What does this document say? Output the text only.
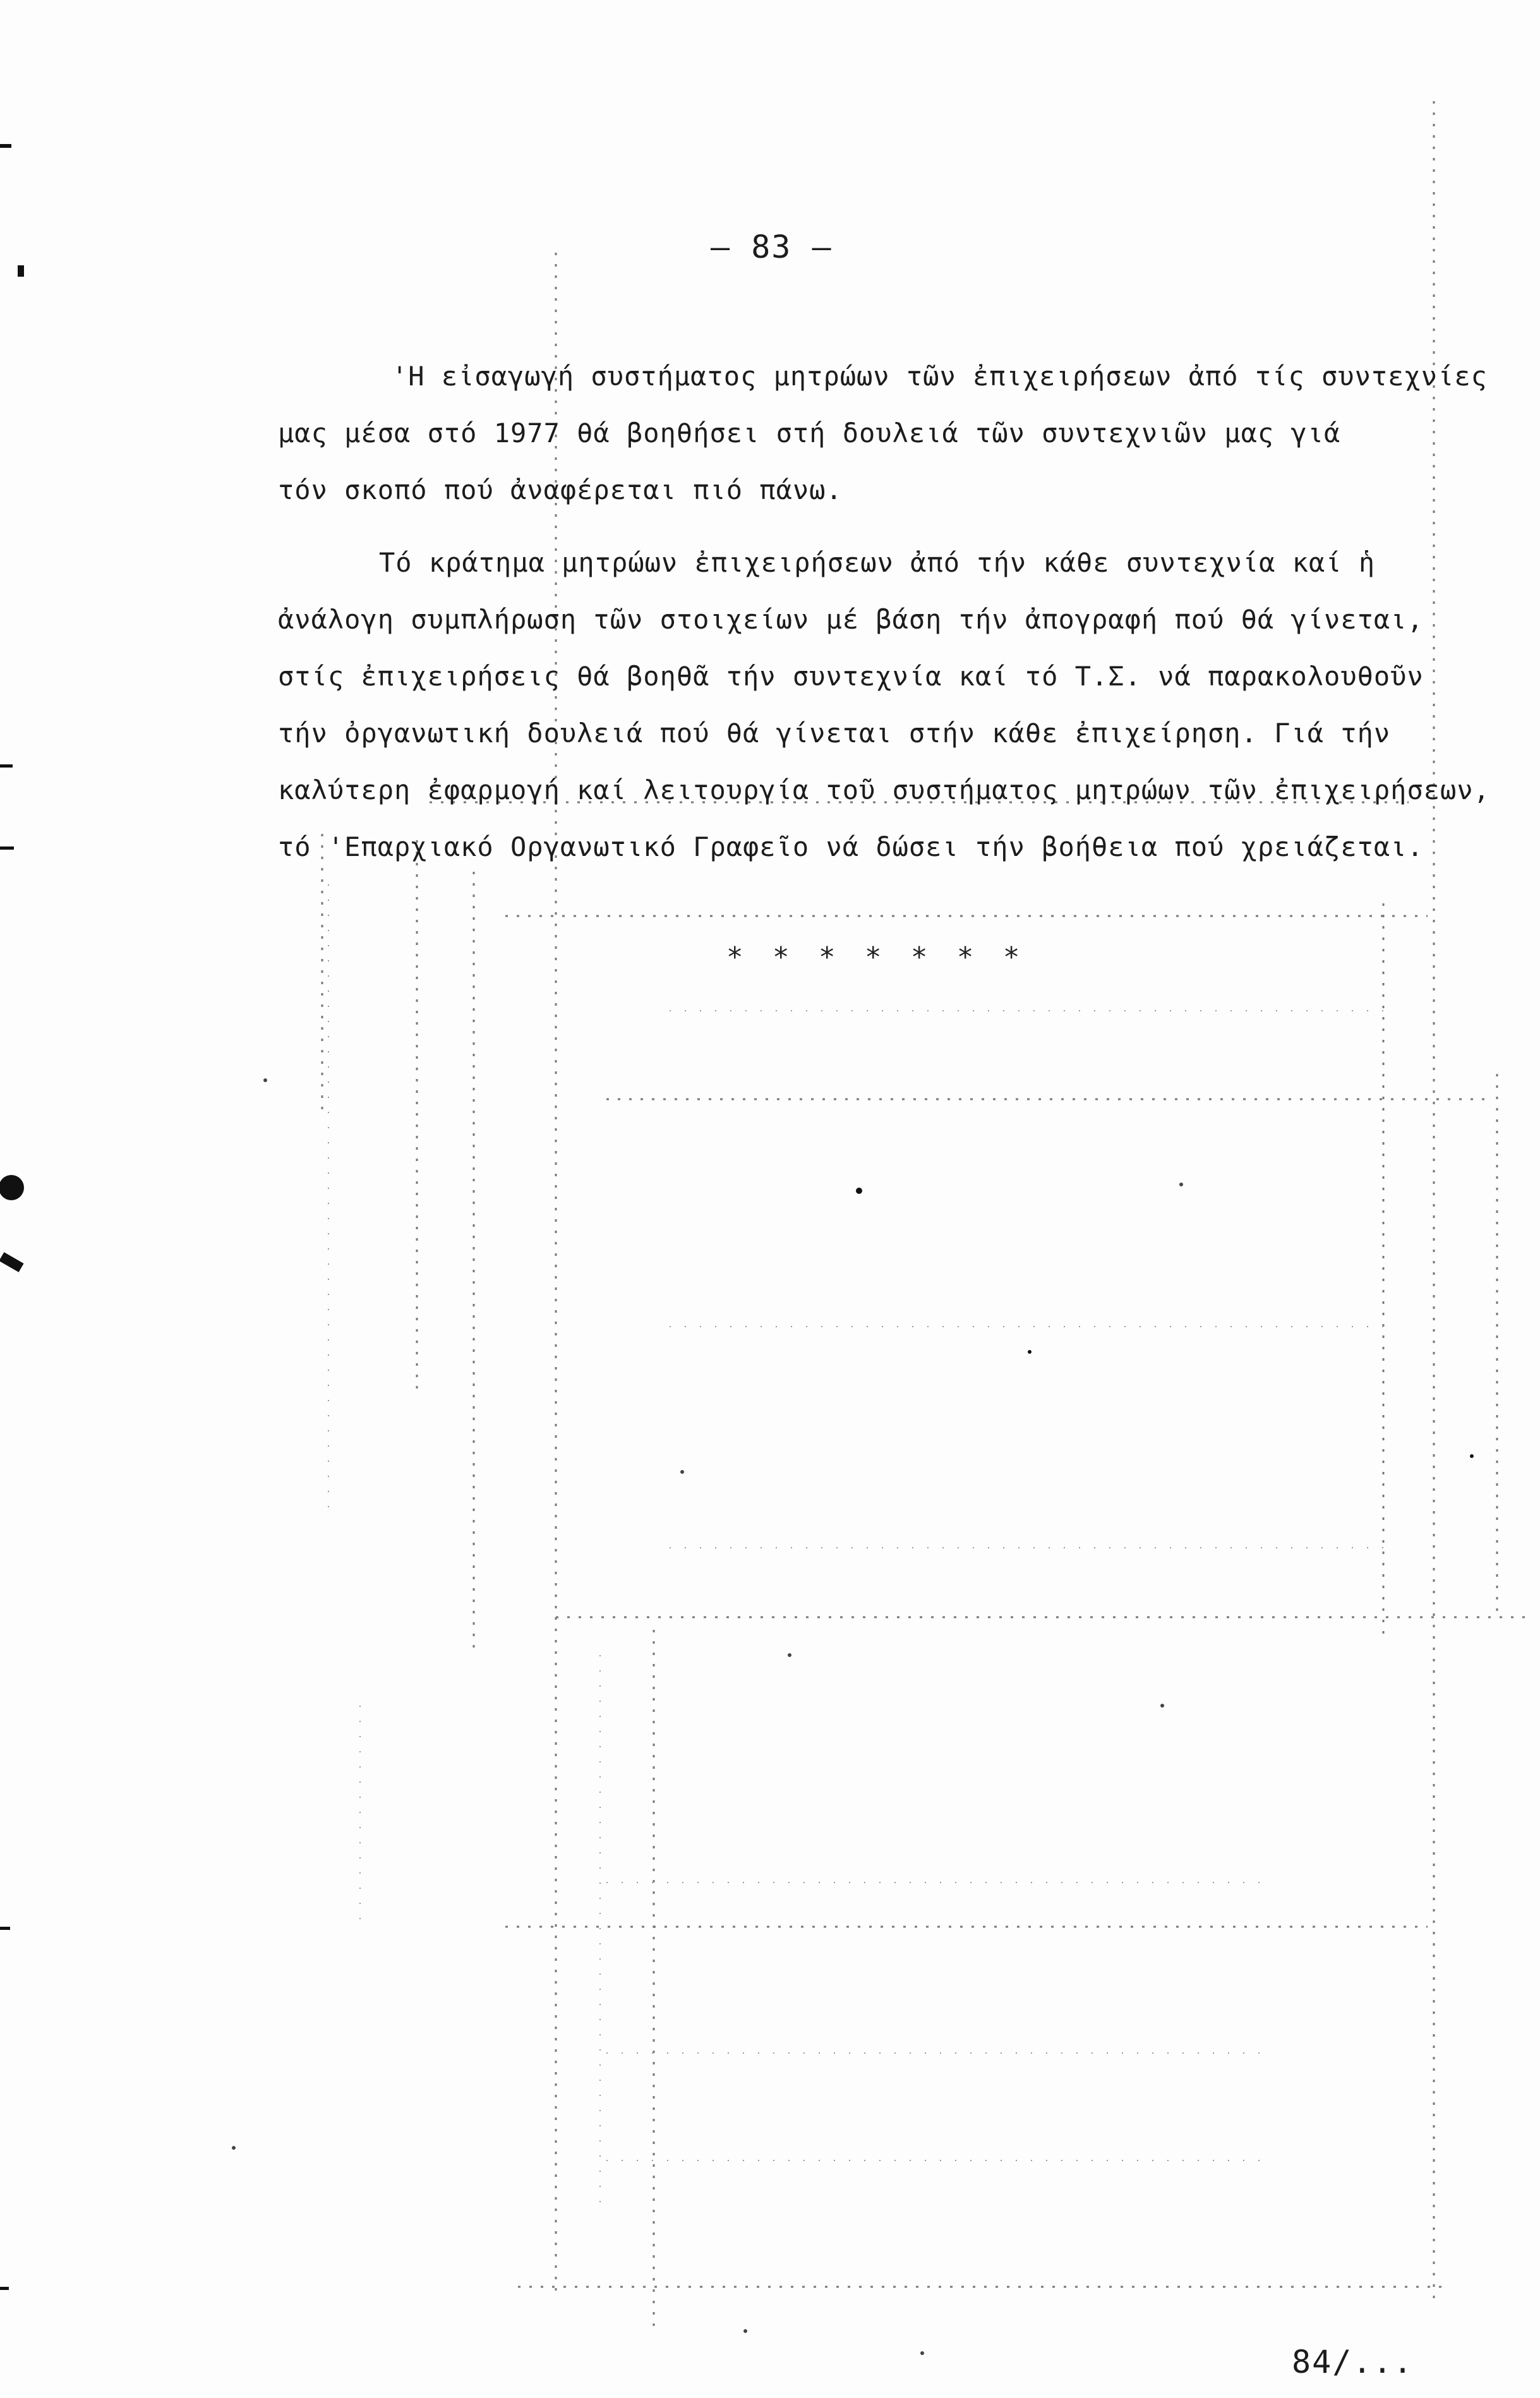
– 83 –
'Η εἰσαγωγή συστήματος μητρώων τῶν ἐπιχειρήσεων ἀπό τίς συντεχνίες
μας μέσα στό 1977 θά βοηθήσει στή δουλειά τῶν συντεχνιῶν μας γιά
τόν σκοπό πού ἀναφέρεται πιό πάνω.
Τό κράτημα μητρώων ἐπιχειρήσεων ἀπό τήν κάθε συντεχνία καί ἡ
ἀνάλογη συμπλήρωση τῶν στοιχείων μέ βάση τήν ἀπογραφή πού θά γίνεται,
στίς ἐπιχειρήσεις θά βοηθᾶ τήν συντεχνία καί τό Τ.Σ. νά παρακολουθοῦν
τήν ὀργανωτική δουλειά πού θά γίνεται στήν κάθε ἐπιχείρηση. Γιά τήν
καλύτερη ἐφαρμογή καί λειτουργία τοῦ συστήματος μητρώων τῶν ἐπιχειρήσεων,
τό 'Επαρχιακό Οργανωτικό Γραφεῖο νά δώσει τήν βοήθεια πού χρειάζεται.
* * * * * * *
84/...
